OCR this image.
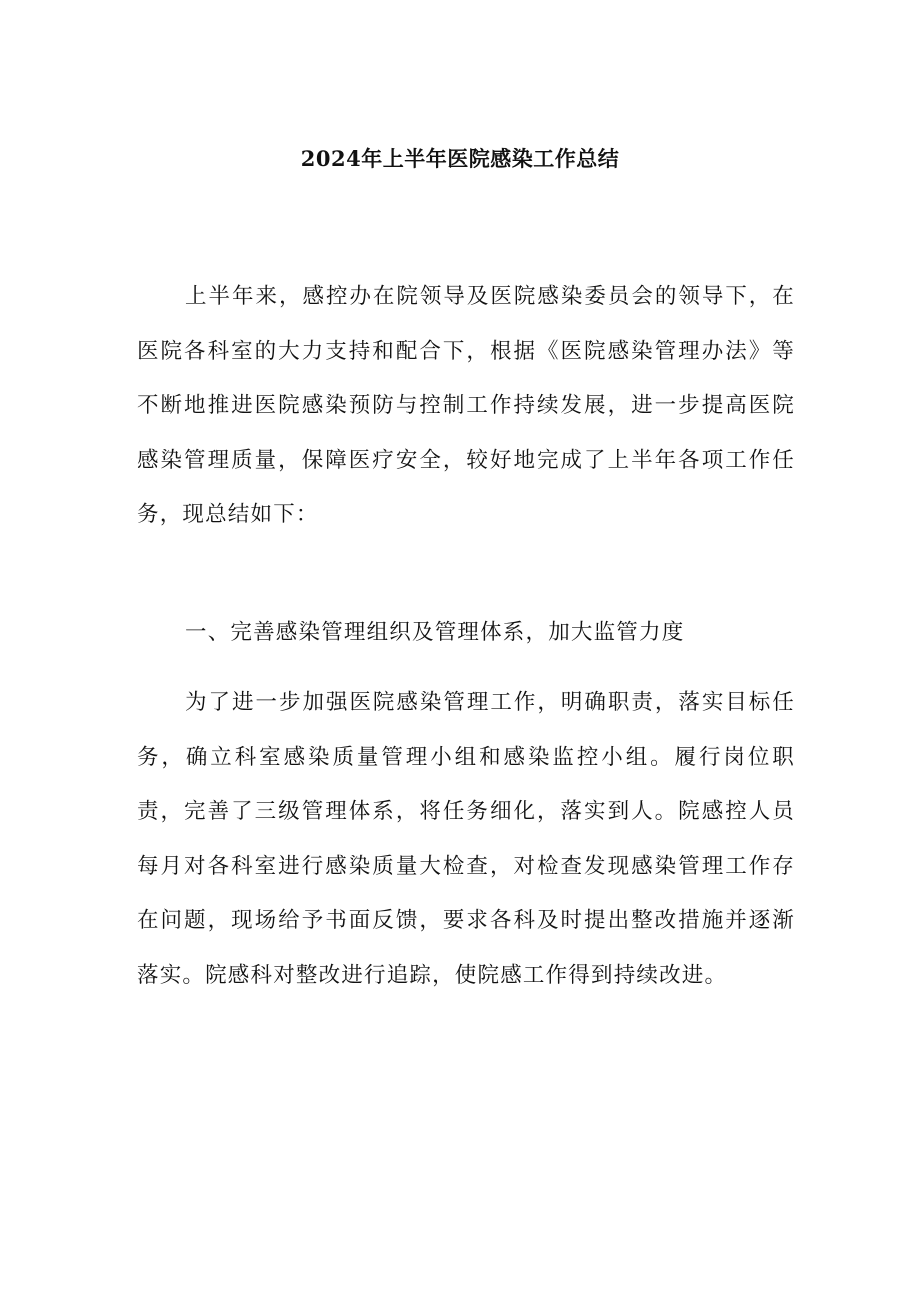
2024年上半年医院感染工作总结
上半年来，感控办在院领导及医院感染委员会的领导下，在医院各科室的大力支持和配合下，根据《医院感染管理办法》等不断地推进医院感染预防与控制工作持续发展，进一步提高医院感染管理质量，保障医疗安全，较好地完成了上半年各项工作任务，现总结如下：
一、完善感染管理组织及管理体系，加大监管力度
为了进一步加强医院感染管理工作，明确职责，落实目标任务，确立科室感染质量管理小组和感染监控小组。履行岗位职责，完善了三级管理体系，将任务细化，落实到人。院感控人员每月对各科室进行感染质量大检查，对检查发现感染管理工作存在问题，现场给予书面反馈，要求各科及时提出整改措施并逐渐落实。院感科对整改进行追踪，使院感工作得到持续改进。
